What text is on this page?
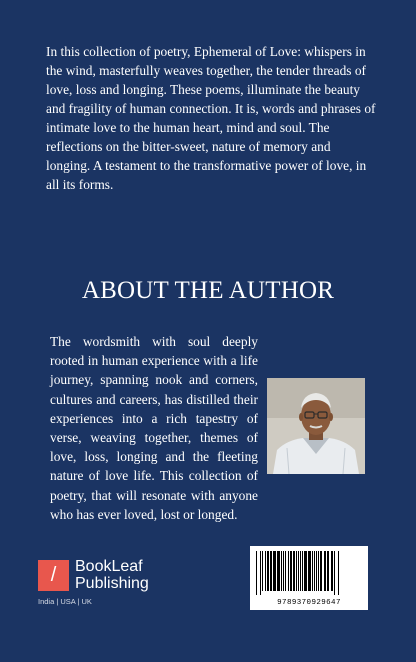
In this collection of poetry, Ephemeral of Love: whispers in the wind, masterfully weaves together, the tender threads of love, loss and longing. These poems, illuminate the beauty and fragility of human connection. It is, words and phrases of intimate love to the human heart, mind and soul. The reflections on the bitter-sweet, nature of memory and longing. A testament to the transformative power of love, in all its forms.

ABOUT THE AUTHOR

The wordsmith with soul deeply rooted in human experience with a life journey, spanning nook and corners, cultures and careers, has distilled their experiences into a rich tapestry of verse, weaving together, themes of love, loss, longing and the fleeting nature of love life. This collection of poetry, that will resonate with anyone who has ever loved, lost or longed.

/	BookLeaf
Publishing
India | USA | UK	9789370929647
